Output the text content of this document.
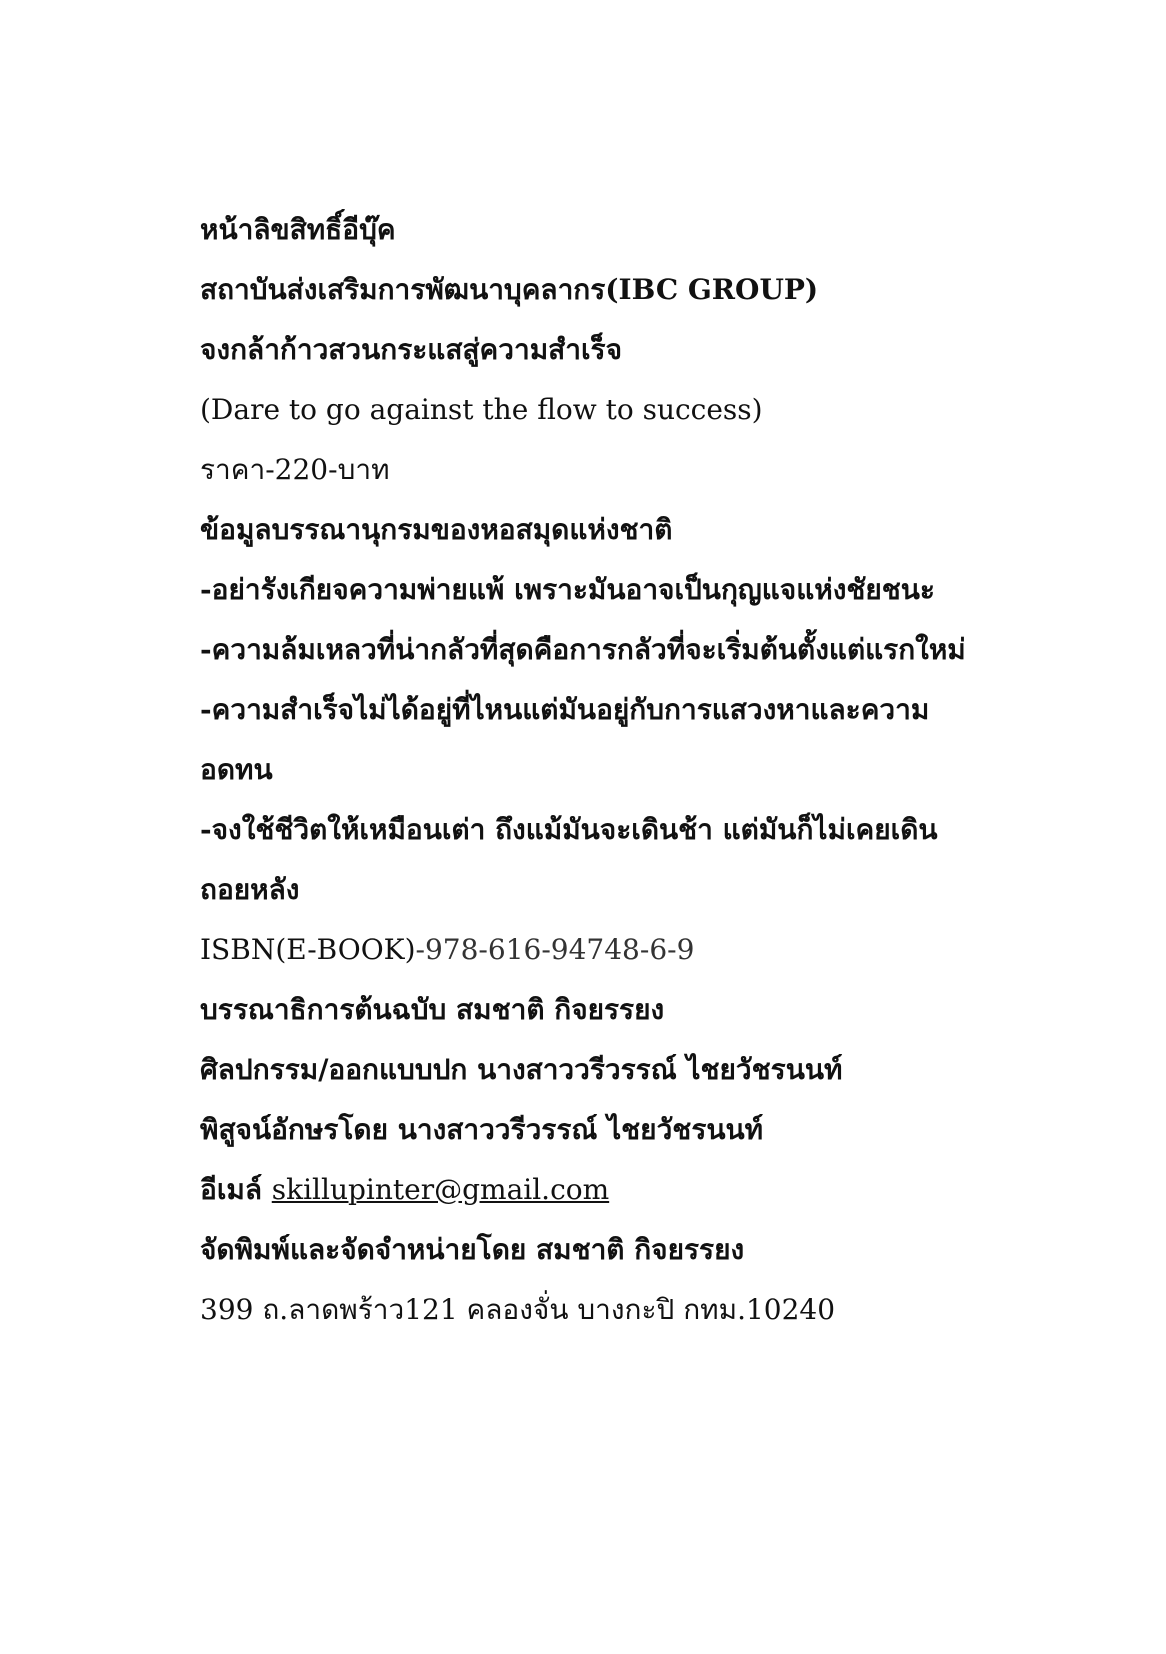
หน้าลิขสิทธิ์อีบุ๊ค
สถาบันส่งเสริมการพัฒนาบุคลากร(IBC GROUP)
จงกล้าก้าวสวนกระแสสู่ความสำเร็จ
(Dare to go against the flow to success)
ราคา-220-บาท
ข้อมูลบรรณานุกรมของหอสมุดแห่งชาติ
-อย่ารังเกียจความพ่ายแพ้ เพราะมันอาจเป็นกุญแจแห่งชัยชนะ
-ความล้มเหลวที่น่ากลัวที่สุดคือการกลัวที่จะเริ่มต้นตั้งแต่แรกใหม่
-ความสำเร็จไม่ได้อยู่ที่ไหนแต่มันอยู่กับการแสวงหาและความ
อดทน
-จงใช้ชีวิตให้เหมือนเต่า ถึงแม้มันจะเดินช้า แต่มันก็ไม่เคยเดิน
ถอยหลัง
ISBN(E-BOOK)-978-616-94748-6-9
บรรณาธิการต้นฉบับ สมชาติ กิจยรรยง
ศิลปกรรม/ออกแบบปก นางสาววรีวรรณ์ ไชยวัชรนนท์
พิสูจน์อักษรโดย นางสาววรีวรรณ์ ไชยวัชรนนท์
อีเมล์ skillupinter@gmail.com
จัดพิมพ์และจัดจำหน่ายโดย สมชาติ กิจยรรยง
399 ถ.ลาดพร้าว121 คลองจั่น บางกะปิ กทม.10240
